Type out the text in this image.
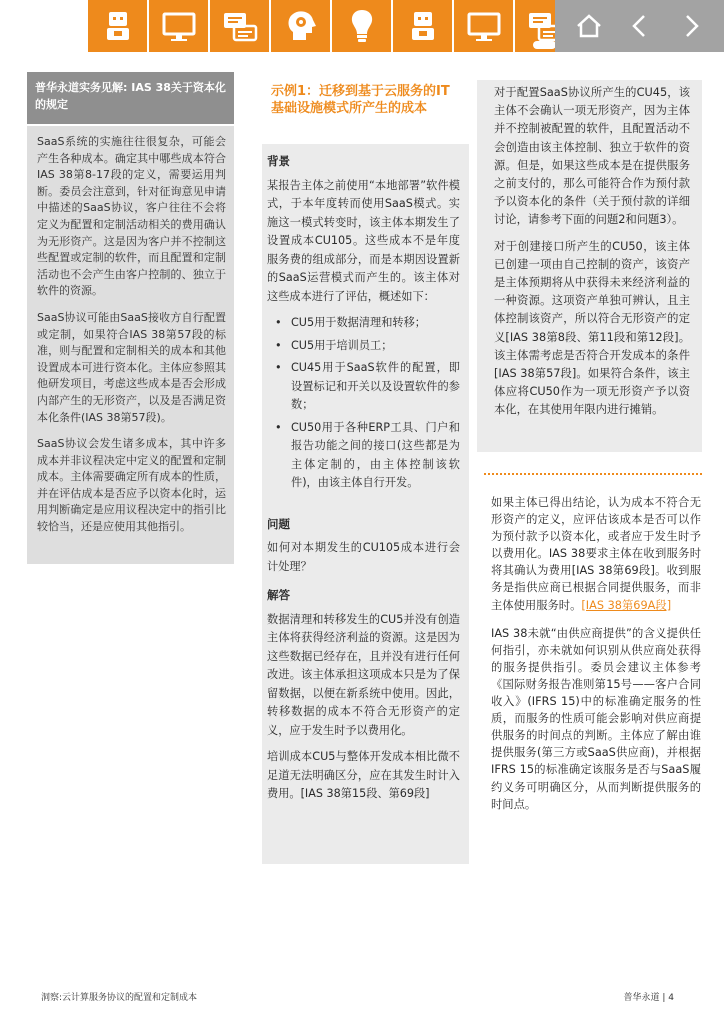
普华永道实务见解: IAS 38关于资本化的规定

SaaS系统的实施往往很复杂，可能会产生各种成本。确定其中哪些成本符合IAS 38第8-17段的定义，需要运用判断。委员会注意到，针对征询意见申请中描述的SaaS协议，客户往往不会将定义为配置和定制活动相关的费用确认为无形资产。这是因为客户并不控制这些配置或定制的软件，而且配置和定制活动也不会产生由客户控制的、独立于软件的资源。

SaaS协议可能由SaaS接收方自行配置或定制，如果符合IAS 38第57段的标准，则与配置和定制相关的成本和其他设置成本可进行资本化。主体应参照其他研发项目，考虑这些成本是否会形成内部产生的无形资产，以及是否满足资本化条件(IAS 38第57段)。

SaaS协议会发生诸多成本，其中许多成本并非议程决定中定义的配置和定制成本。主体需要确定所有成本的性质，并在评估成本是否应予以资本化时，运用判断确定是应用议程决定中的指引比较恰当，还是应使用其他指引。

示例1：迁移到基于云服务的IT基础设施模式所产生的成本
背景

某报告主体之前使用“本地部署”软件模式，于本年度转而使用SaaS模式。实施这一模式转变时，该主体本期发生了设置成本CU105。这些成本不是年度服务费的组成部分，而是本期因设置新的SaaS运营模式而产生的。该主体对这些成本进行了评估，概述如下：

• CU5用于数据清理和转移；
• CU5用于培训员工；
• CU45用于SaaS软件的配置，即设置标记和开关以及设置软件的参数；
• CU50用于各种ERP工具、门户和报告功能之间的接口(这些都是为主体定制的，由主体控制该软件)，由该主体自行开发。
问题

如何对本期发生的CU105成本进行会计处理？

解答

数据清理和转移发生的CU5并没有创造主体将获得经济利益的资源。这是因为这些数据已经存在，且并没有进行任何改进。该主体承担这项成本只是为了保留数据，以便在新系统中使用。因此，转移数据的成本不符合无形资产的定义，应于发生时予以费用化。

培训成本CU5与整体开发成本相比微不足道无法明确区分，应在其发生时计入费用。[IAS 38第15段、第69段]

对于配置SaaS协议所产生的CU45，该主体不会确认一项无形资产，因为主体并不控制被配置的软件，且配置活动不会创造由该主体控制、独立于软件的资源。但是，如果这些成本是在提供服务之前支付的，那么可能符合作为预付款予以资本化的条件（关于预付款的详细讨论，请参考下面的问题2和问题3）。

对于创建接口所产生的CU50，该主体已创建一项由自己控制的资产，该资产是主体预期将从中获得未来经济利益的一种资源。这项资产单独可辨认，且主体控制该资产，所以符合无形资产的定义[IAS 38第8段、第11段和第12段]。该主体需考虑是否符合开发成本的条件[IAS 38第57段]。如果符合条件，该主体应将CU50作为一项无形资产予以资本化，在其使用年限内进行摊销。

如果主体已得出结论，认为成本不符合无形资产的定义，应评估该成本是否可以作为预付款予以资本化，或者应于发生时予以费用化。IAS 38要求主体在收到服务时将其确认为费用[IAS 38第69段]。收到服务是指供应商已根据合同提供服务，而非主体使用服务时。[IAS 38第69A段]

IAS 38未就“由供应商提供”的含义提供任何指引，亦未就如何识别从供应商处获得的服务提供指引。委员会建议主体参考《国际财务报告准则第15号——客户合同收入》(IFRS 15)中的标准确定服务的性质，而服务的性质可能会影响对供应商提供服务的时间点的判断。主体应了解由谁提供服务(第三方或SaaS供应商)，并根据IFRS 15的标准确定该服务是否与SaaS履约义务可明确区分，从而判断提供服务的时间点。

洞察:云计算服务协议的配置和定制成本	普华永道 | 4
